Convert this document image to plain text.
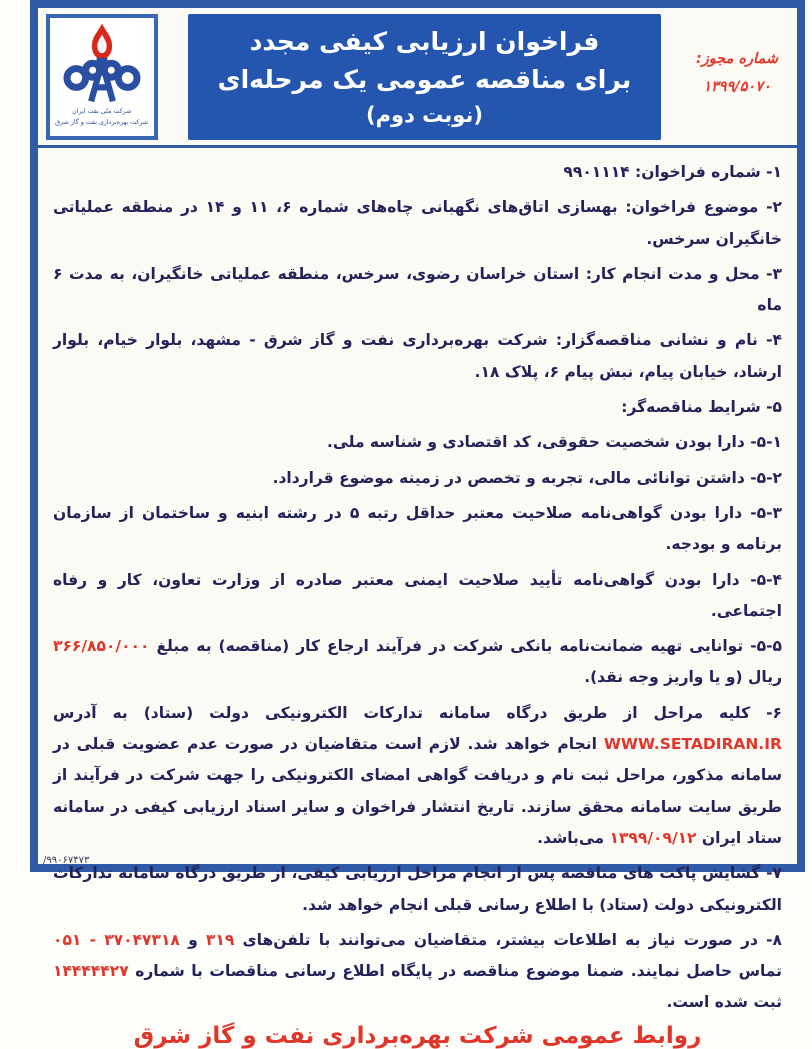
شرکت ملی نفت ایران
شرکت بهره‌برداری نفت و گاز شرق
فراخوان ارزیابی کیفی مجدد
برای مناقصه عمومی یک مرحله‌ای
(نوبت دوم)
شماره مجوز:
۱۳۹۹/۵۰۷۰

۱- شماره فراخوان: ۹۹۰۱۱۱۴

۲- موضوع فراخوان: بهسازی اتاق‌های نگهبانی چاه‌های شماره ۶، ۱۱ و ۱۴ در منطقه عملیاتی خانگیران سرخس.

۳- محل و مدت انجام کار: استان خراسان رضوی، سرخس، منطقه عملیاتی خانگیران، به مدت ۶ ماه

۴- نام و نشانی مناقصه‌گزار: شرکت بهره‌برداری نفت و گاز شرق - مشهد، بلوار خیام، بلوار ارشاد، خیابان پیام، نبش پیام ۶، پلاک ۱۸.

۵- شرایط مناقصه‌گر:

۵-۱- دارا بودن شخصیت حقوقی، کد اقتصادی و شناسه ملی.

۵-۲- داشتن توانائی مالی، تجربه و تخصص در زمینه موضوع قرارداد.

۵-۳- دارا بودن گواهی‌نامه صلاحیت معتبر حداقل رتبه ۵ در رشته ابنیه و ساختمان از سازمان برنامه و بودجه.

۵-۴- دارا بودن گواهی‌نامه تأیید صلاحیت ایمنی معتبر صادره از وزارت تعاون، کار و رفاه اجتماعی.

۵-۵- توانایی تهیه ضمانت‌نامه بانکی شرکت در فرآیند ارجاع کار (مناقصه) به مبلغ ۳۶۶/۸۵۰/۰۰۰ ریال (و یا واریز وجه نقد).

۶- کلیه مراحل از طریق درگاه سامانه تدارکات الکترونیکی دولت (ستاد) به آدرس WWW.SETADIRAN.IR انجام خواهد شد. لازم است متقاضیان در صورت عدم عضویت قبلی در سامانه مذکور، مراحل ثبت نام و دریافت گواهی امضای الکترونیکی را جهت شرکت در فرآیند از طریق سایت سامانه محقق سازند. تاریخ انتشار فراخوان و سایر اسناد ارزیابی کیفی در سامانه ستاد ایران ۱۳۹۹/۰۹/۱۲ می‌باشد.

۷- گشایش پاکت های مناقصه پس از انجام مراحل ارزیابی کیفی، از طریق درگاه سامانه تدارکات الکترونیکی دولت (ستاد) با اطلاع رسانی قبلی انجام خواهد شد.

۸- در صورت نیاز به اطلاعات بیشتر، متقاضیان می‌توانند با تلفن‌های ۳۱۹ و ۳۷۰۴۷۳۱۸ - ۰۵۱ تماس حاصل نمایند. ضمنا موضوع مناقصه در پایگاه اطلاع رسانی مناقصات با شماره ۱۴۴۴۴۴۲۷ ثبت شده است.

روابط عمومی شرکت بهره‌برداری نفت و گاز شرق
/۹۹۰۶۷۴۷۳
